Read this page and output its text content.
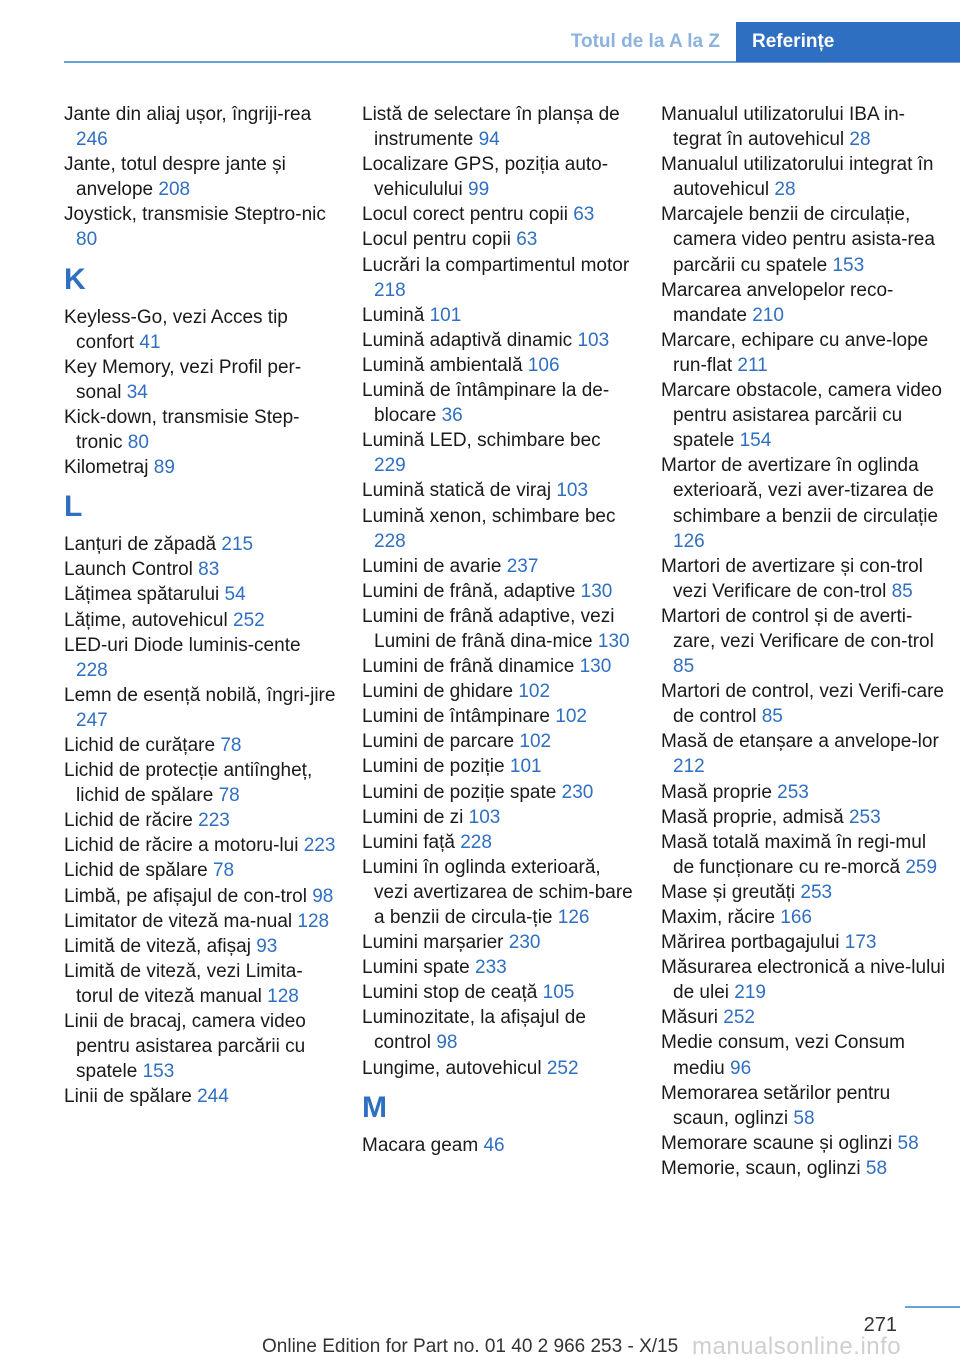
Totul de la A la Z	Referințe

Jante din aliaj ușor, îngriji-rea 246

Jante, totul despre jante și anvelope 208

Joystick, transmisie Steptro-nic 80

K

Keyless-Go, vezi Acces tip confort 41

Key Memory, vezi Profil per-sonal 34

Kick-down, transmisie Step-tronic 80

Kilometraj 89

L

Lanțuri de zăpadă 215

Launch Control 83

Lățimea spătarului 54

Lățime, autovehicul 252

LED-uri Diode luminis-cente 228

Lemn de esență nobilă, îngri-jire 247

Lichid de curățare 78

Lichid de protecție antiîngheț, lichid de spălare 78

Lichid de răcire 223

Lichid de răcire a motoru-lui 223

Lichid de spălare 78

Limbă, pe afișajul de con-trol 98

Limitator de viteză ma-nual 128

Limită de viteză, afișaj 93

Limită de viteză, vezi Limita-torul de viteză manual 128

Linii de bracaj, camera video pentru asistarea parcării cu spatele 153

Linii de spălare 244

Listă de selectare în planșa de instrumente 94

Localizare GPS, poziția auto-vehiculului 99

Locul corect pentru copii 63

Locul pentru copii 63

Lucrări la compartimentul motor 218

Lumină 101

Lumină adaptivă dinamic 103

Lumină ambientală 106

Lumină de întâmpinare la de-blocare 36

Lumină LED, schimbare bec 229

Lumină statică de viraj 103

Lumină xenon, schimbare bec 228

Lumini de avarie 237

Lumini de frână, adaptive 130

Lumini de frână adaptive, vezi Lumini de frână dina-mice 130

Lumini de frână dinamice 130

Lumini de ghidare 102

Lumini de întâmpinare 102

Lumini de parcare 102

Lumini de poziție 101

Lumini de poziție spate 230

Lumini de zi 103

Lumini față 228

Lumini în oglinda exterioară, vezi avertizarea de schim-bare a benzii de circula-ție 126

Lumini marșarier 230

Lumini spate 233

Lumini stop de ceață 105

Luminozitate, la afișajul de control 98

Lungime, autovehicul 252

M

Macara geam 46

Manualul utilizatorului IBA in-tegrat în autovehicul 28

Manualul utilizatorului integrat în autovehicul 28

Marcajele benzii de circulație, camera video pentru asista-rea parcării cu spatele 153

Marcarea anvelopelor reco-mandate 210

Marcare, echipare cu anve-lope run-flat 211

Marcare obstacole, camera video pentru asistarea parcării cu spatele 154

Martor de avertizare în oglinda exterioară, vezi aver-tizarea de schimbare a benzii de circulație 126

Martori de avertizare și con-trol vezi Verificare de con-trol 85

Martori de control și de averti-zare, vezi Verificare de con-trol 85

Martori de control, vezi Verifi-care de control 85

Masă de etanșare a anvelope-lor 212

Masă proprie 253

Masă proprie, admisă 253

Masă totală maximă în regi-mul de funcționare cu re-morcă 259

Mase și greutăți 253

Maxim, răcire 166

Mărirea portbagajului 173

Măsurarea electronică a nive-lului de ulei 219

Măsuri 252

Medie consum, vezi Consum mediu 96

Memorarea setărilor pentru scaun, oglinzi 58

Memorare scaune și oglinzi 58

Memorie, scaun, oglinzi 58

271
Online Edition for Part no. 01 40 2 966 253 - X/15 manualsonline.info
